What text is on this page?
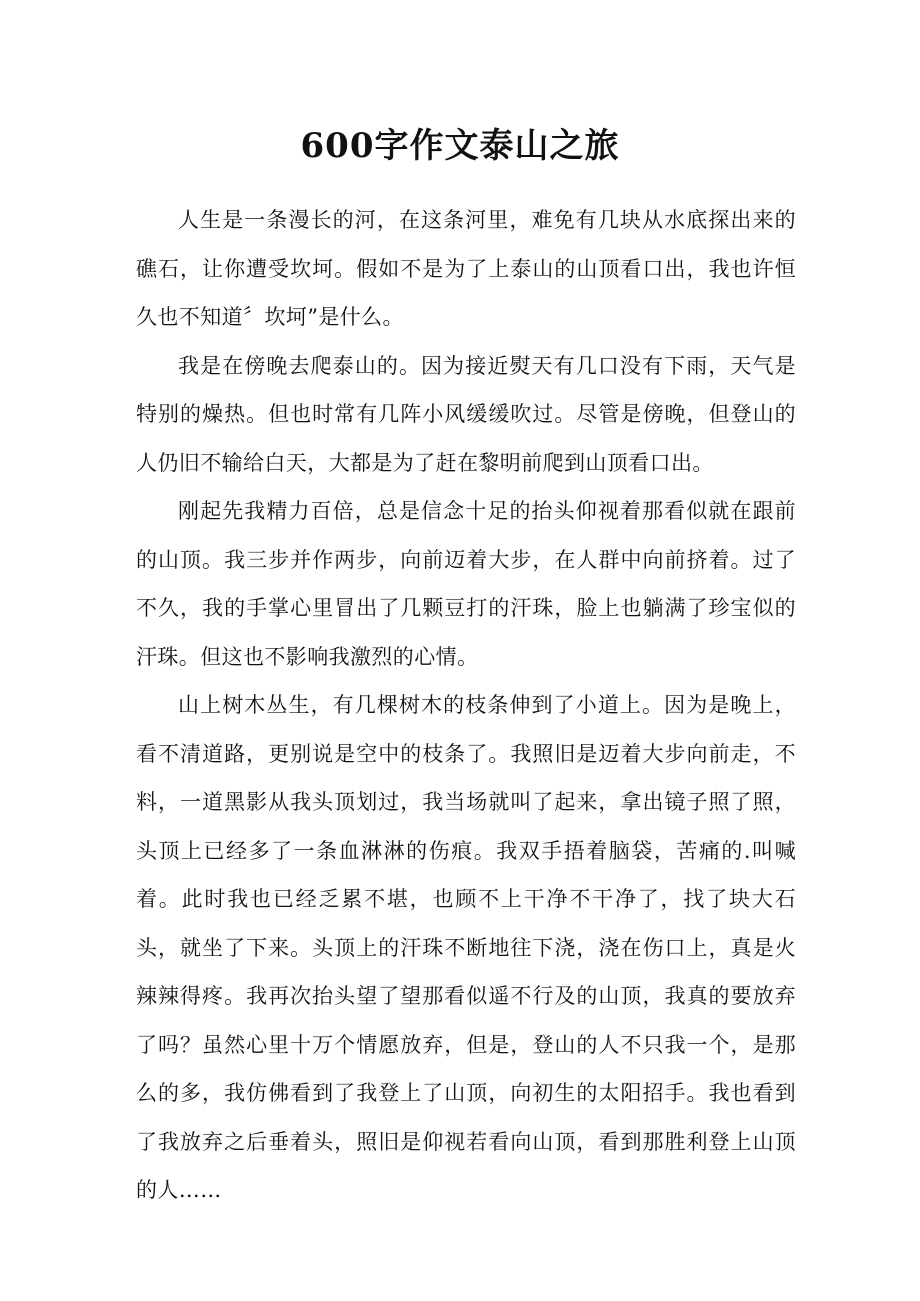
600字作文泰山之旅

人生是一条漫长的河，在这条河里，难免有几块从水底探出来的礁石，让你遭受坎坷。假如不是为了上泰山的山顶看口出，我也许恒久也不知道〞坎坷”是什么。

我是在傍晚去爬泰山的。因为接近熨天有几口没有下雨，天气是特别的燥热。但也时常有几阵小风缓缓吹过。尽管是傍晚，但登山的人仍旧不输给白天，大都是为了赶在黎明前爬到山顶看口出。

刚起先我精力百倍，总是信念十足的抬头仰视着那看似就在跟前的山顶。我三步并作两步，向前迈着大步，在人群中向前挤着。过了不久，我的手掌心里冒出了几颗豆打的汗珠，脸上也躺满了珍宝似的汗珠。但这也不影响我激烈的心情。

山上树木丛生，有几棵树木的枝条伸到了小道上。因为是晚上，看不清道路，更别说是空中的枝条了。我照旧是迈着大步向前走，不料，一道黑影从我头顶划过，我当场就叫了起来，拿出镜子照了照，头顶上已经多了一条血淋淋的伤痕。我双手捂着脑袋，苦痛的.叫喊着。此时我也已经乏累不堪，也顾不上干净不干净了，找了块大石头，就坐了下来。头顶上的汗珠不断地往下浇，浇在伤口上，真是火辣辣得疼。我再次抬头望了望那看似遥不行及的山顶，我真的要放弃了吗？虽然心里十万个情愿放弃，但是，登山的人不只我一个，是那么的多，我仿佛看到了我登上了山顶，向初生的太阳招手。我也看到了我放弃之后垂着头，照旧是仰视若看向山顶，看到那胜利登上山顶的人……
